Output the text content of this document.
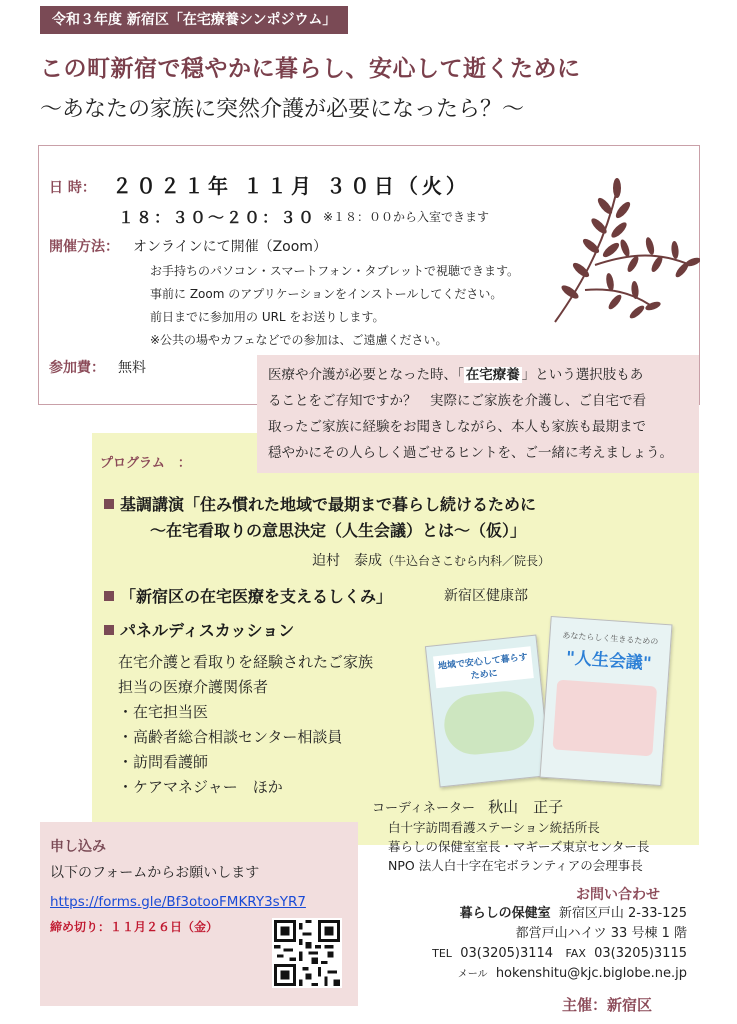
令和３年度 新宿区「在宅療養シンポジウム」
この町新宿で穏やかに暮らし、安心して逝くために
～あなたの家族に突然介護が必要になったら？～
日 時： ２０２１年 １１月 ３０日（火）
１８：３０～２０：３０ ※１８：００から入室できます
開催方法： オンラインにて開催（Zoom）
お手持ちのパソコン・スマートフォン・タブレットで視聴できます。
事前に Zoom のアプリケーションをインストールしてください。
前日までに参加用の URL をお送りします。
※公共の場やカフェなどでの参加は、ご遠慮ください。
参加費： 無料	医療や介護が必要となった時、「 在宅療養 」という選択肢もあ
ることをご存知ですか？　実際にご家族を介護し、ご自宅で看
取ったご家族に経験をお聞きしながら、本人も家族も最期まで
穏やかにその人らしく過ごせるヒントを、ご一緒に考えましょう。
プログラム　：
基調講演「住み慣れた地域で最期まで暮らし続けるために
～在宅看取りの意思決定（人生会議）とは～（仮）」
迫村　泰成（牛込台さこむら内科／院長）
「新宿区の在宅医療を支えるしくみ」	新宿区健康部
パネルディスカッション
在宅介護と看取りを経験されたご家族
担当の医療介護関係者
・在宅担当医
・高齢者総合相談センター相談員
・訪問看護師
・ケアマネジャー　ほか
地域で安心して暮らすために
あなたらしく生きるための
"人生会議"
コーディネーター 秋山　正子
白十字訪問看護ステーション統括所長
暮らしの保健室室長・マギーズ東京センター長
NPO 法人白十字在宅ボランティアの会理事長
申し込み
以下のフォームからお願いします
https://forms.gle/Bf3otooFMKRY3sYR7
締め切り：１１月２６日（金）
お問い合わせ
暮らしの保健室 新宿区戸山 2-33-125
都営戸山ハイツ 33 号棟 1 階
TEL 03(3205)3114 FAX 03(3205)3115
メール hokenshitu@kjc.biglobe.ne.jp
主催：新宿区
